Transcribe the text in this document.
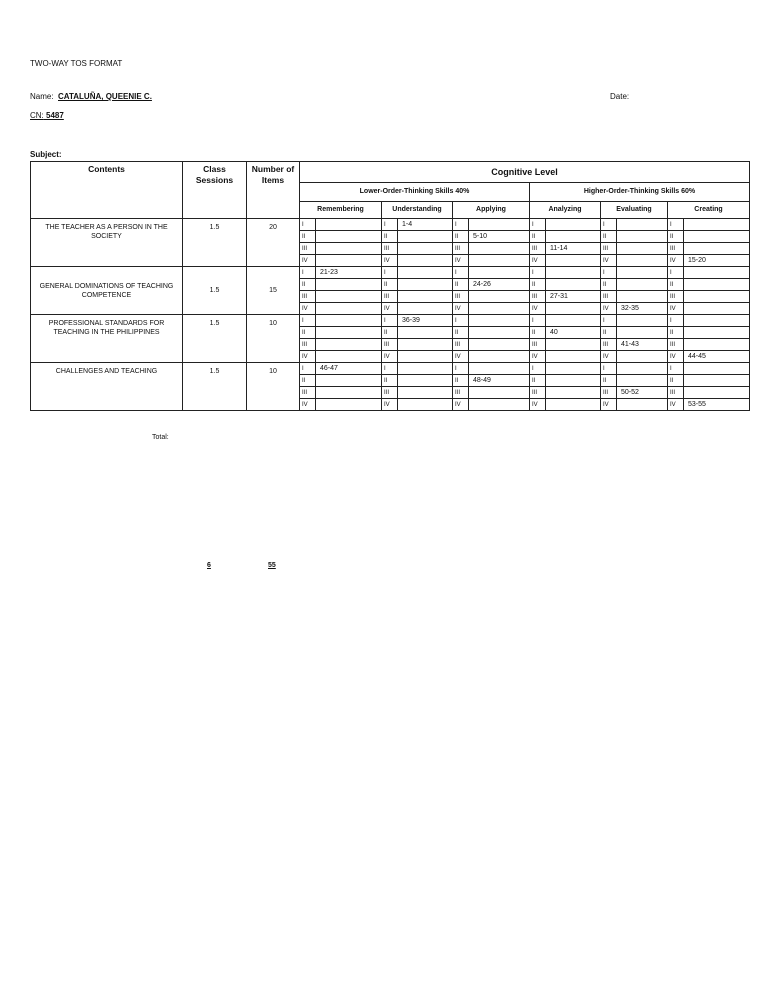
TWO-WAY TOS FORMAT
Name: CATALUÑA, QUEENIE C.	Date:
CN: 5487
Subject:
Contents	Class Sessions	Number of Items	Cognitive Level											
			Lower-Order-Thinking Skills 40%						Higher-Order-Thinking Skills 60%					
			Remembering		Understanding		Applying		Analyzing		Evaluating		Creating	
THE TEACHER AS A PERSON IN THE SOCIETY	1.5	20	I		I	1-4	I		I		I		I	
			II		II		II	5-10	II		II		II	
			III		III		III		III	11-14	III		III	
			IV		IV		IV		IV		IV		IV	15-20
GENERAL DOMINATIONS OF TEACHING COMPETENCE	1.5	15	I	21-23	I		I		I		I		I	
			II		II		II	24-26	II		II		II	
			III		III		III		III	27-31	III		III	
			IV		IV		IV		IV		IV	32-35	IV	
PROFESSIONAL STANDARDS FOR TEACHING IN THE PHILIPPINES	1.5	10	I		I	36-39	I		I		I		I	
			II		II		II		II	40	II		II	
			III		III		III		III		III	41-43	III	
			IV		IV		IV		IV		IV		IV	44-45
CHALLENGES AND TEACHING	1.5	10	I	46-47	I		I		I		I		I	
			II		II		II	48-49	II		II		II	
			III		III		III		III		III	50-52	III	
			IV		IV		IV		IV		IV		IV	53-55
Total:
6	55
